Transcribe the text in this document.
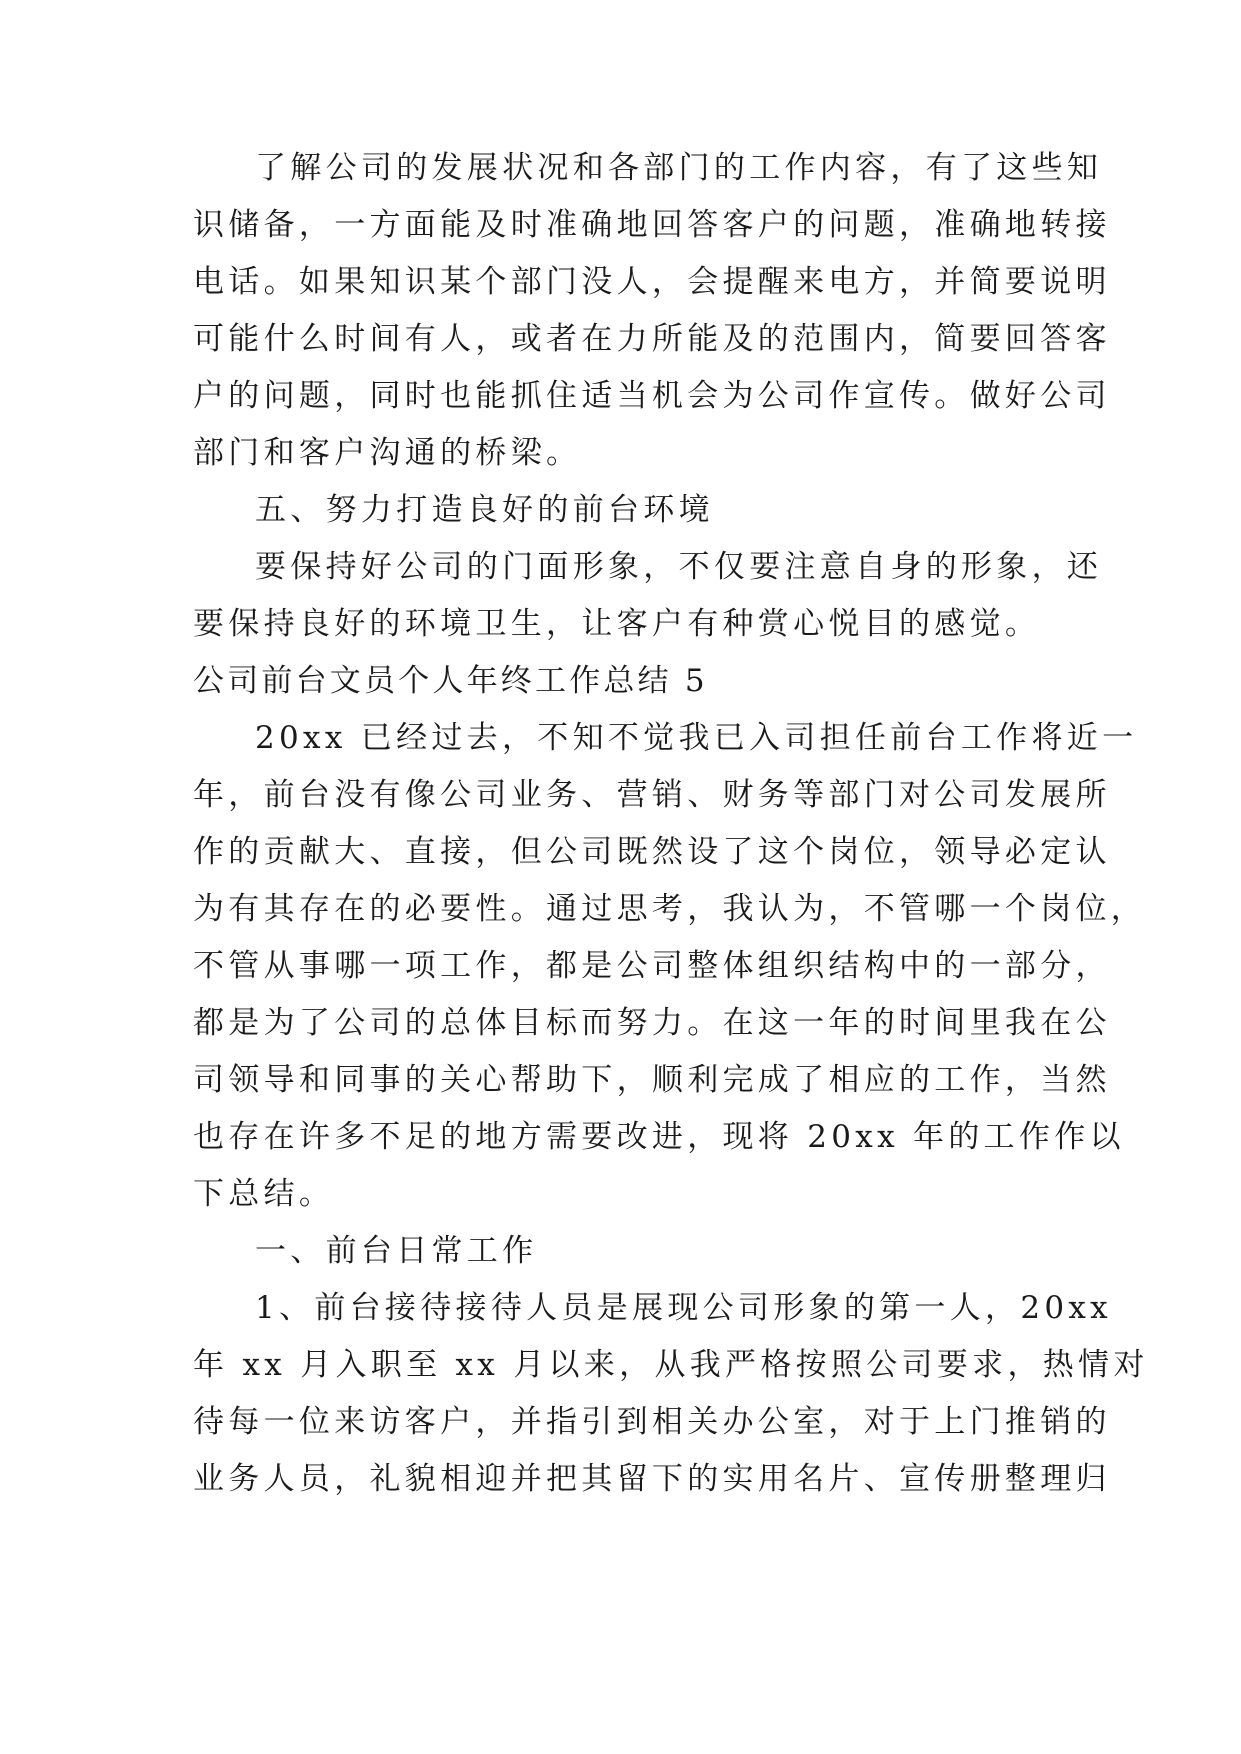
了解公司的发展状况和各部门的工作内容，有了这些知
识储备，一方面能及时准确地回答客户的问题，准确地转接
电话。如果知识某个部门没人，会提醒来电方，并简要说明
可能什么时间有人，或者在力所能及的范围内，简要回答客
户的问题，同时也能抓住适当机会为公司作宣传。做好公司
部门和客户沟通的桥梁。
五、努力打造良好的前台环境
要保持好公司的门面形象，不仅要注意自身的形象，还
要保持良好的环境卫生，让客户有种赏心悦目的感觉。
公司前台文员个人年终工作总结 5
20xx 已经过去，不知不觉我已入司担任前台工作将近一
年，前台没有像公司业务、营销、财务等部门对公司发展所
作的贡献大、直接，但公司既然设了这个岗位，领导必定认
为有其存在的必要性。通过思考，我认为，不管哪一个岗位，
不管从事哪一项工作，都是公司整体组织结构中的一部分，
都是为了公司的总体目标而努力。在这一年的时间里我在公
司领导和同事的关心帮助下，顺利完成了相应的工作，当然
也存在许多不足的地方需要改进，现将 20xx 年的工作作以
下总结。
一、前台日常工作
1、前台接待接待人员是展现公司形象的第一人，20xx
年 xx 月入职至 xx 月以来，从我严格按照公司要求，热情对
待每一位来访客户，并指引到相关办公室，对于上门推销的
业务人员，礼貌相迎并把其留下的实用名片、宣传册整理归
